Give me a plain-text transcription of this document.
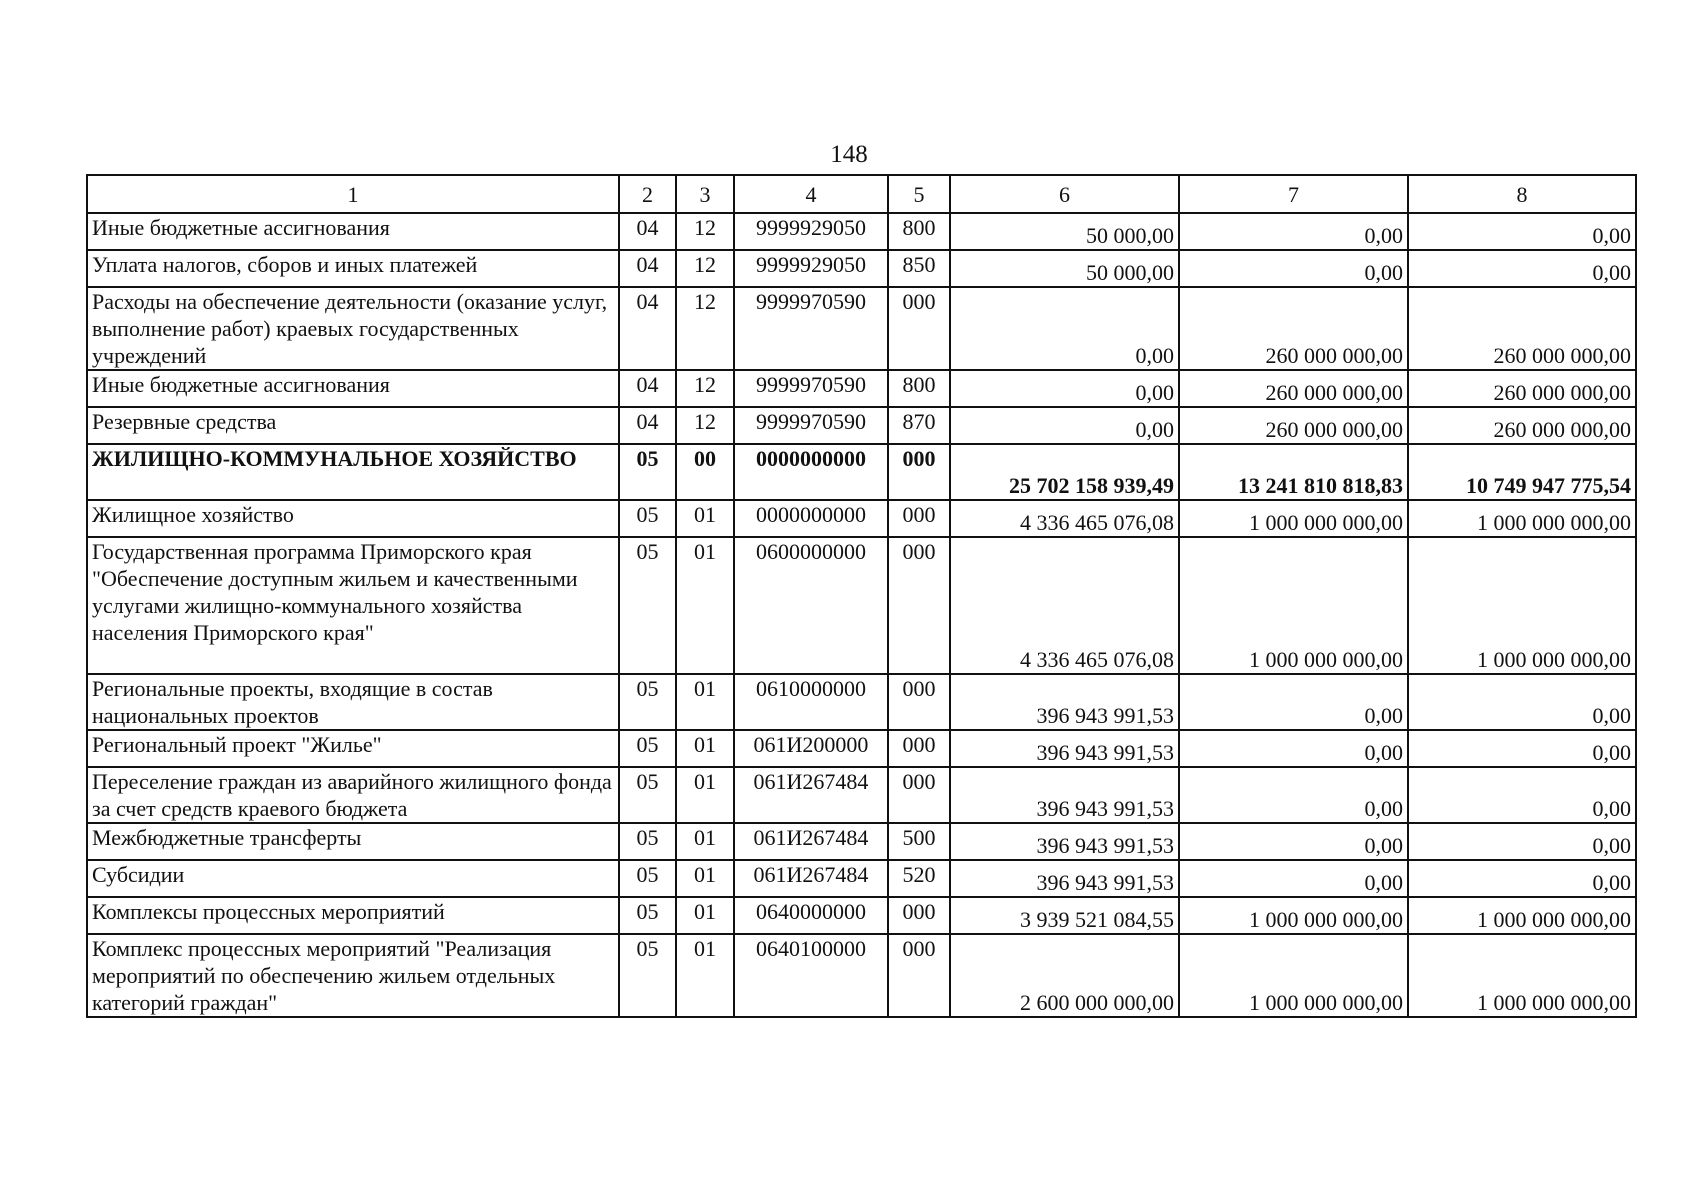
148
1	2	3	4	5	6	7	8
Иные бюджетные ассигнования	04	12	9999929050	800	50 000,00	0,00	0,00
Уплата налогов, сборов и иных платежей	04	12	9999929050	850	50 000,00	0,00	0,00
Расходы на обеспечение деятельности (оказание услуг, выполнение работ) краевых государственных учреждений	04	12	9999970590	000	0,00	260 000 000,00	260 000 000,00
Иные бюджетные ассигнования	04	12	9999970590	800	0,00	260 000 000,00	260 000 000,00
Резервные средства	04	12	9999970590	870	0,00	260 000 000,00	260 000 000,00
ЖИЛИЩНО-КОММУНАЛЬНОЕ ХОЗЯЙСТВО	05	00	0000000000	000	25 702 158 939,49	13 241 810 818,83	10 749 947 775,54
Жилищное хозяйство	05	01	0000000000	000	4 336 465 076,08	1 000 000 000,00	1 000 000 000,00
Государственная программа Приморского края "Обеспечение доступным жильем и качественными услугами жилищно-коммунального хозяйства населения Приморского края"	05	01	0600000000	000	4 336 465 076,08	1 000 000 000,00	1 000 000 000,00
Региональные проекты, входящие в состав национальных проектов	05	01	0610000000	000	396 943 991,53	0,00	0,00
Региональный проект "Жилье"	05	01	061И200000	000	396 943 991,53	0,00	0,00
Переселение граждан из аварийного жилищного фонда за счет средств краевого бюджета	05	01	061И267484	000	396 943 991,53	0,00	0,00
Межбюджетные трансферты	05	01	061И267484	500	396 943 991,53	0,00	0,00
Субсидии	05	01	061И267484	520	396 943 991,53	0,00	0,00
Комплексы процессных мероприятий	05	01	0640000000	000	3 939 521 084,55	1 000 000 000,00	1 000 000 000,00
Комплекс процессных мероприятий "Реализация мероприятий по обеспечению жильем отдельных категорий граждан"	05	01	0640100000	000	2 600 000 000,00	1 000 000 000,00	1 000 000 000,00
